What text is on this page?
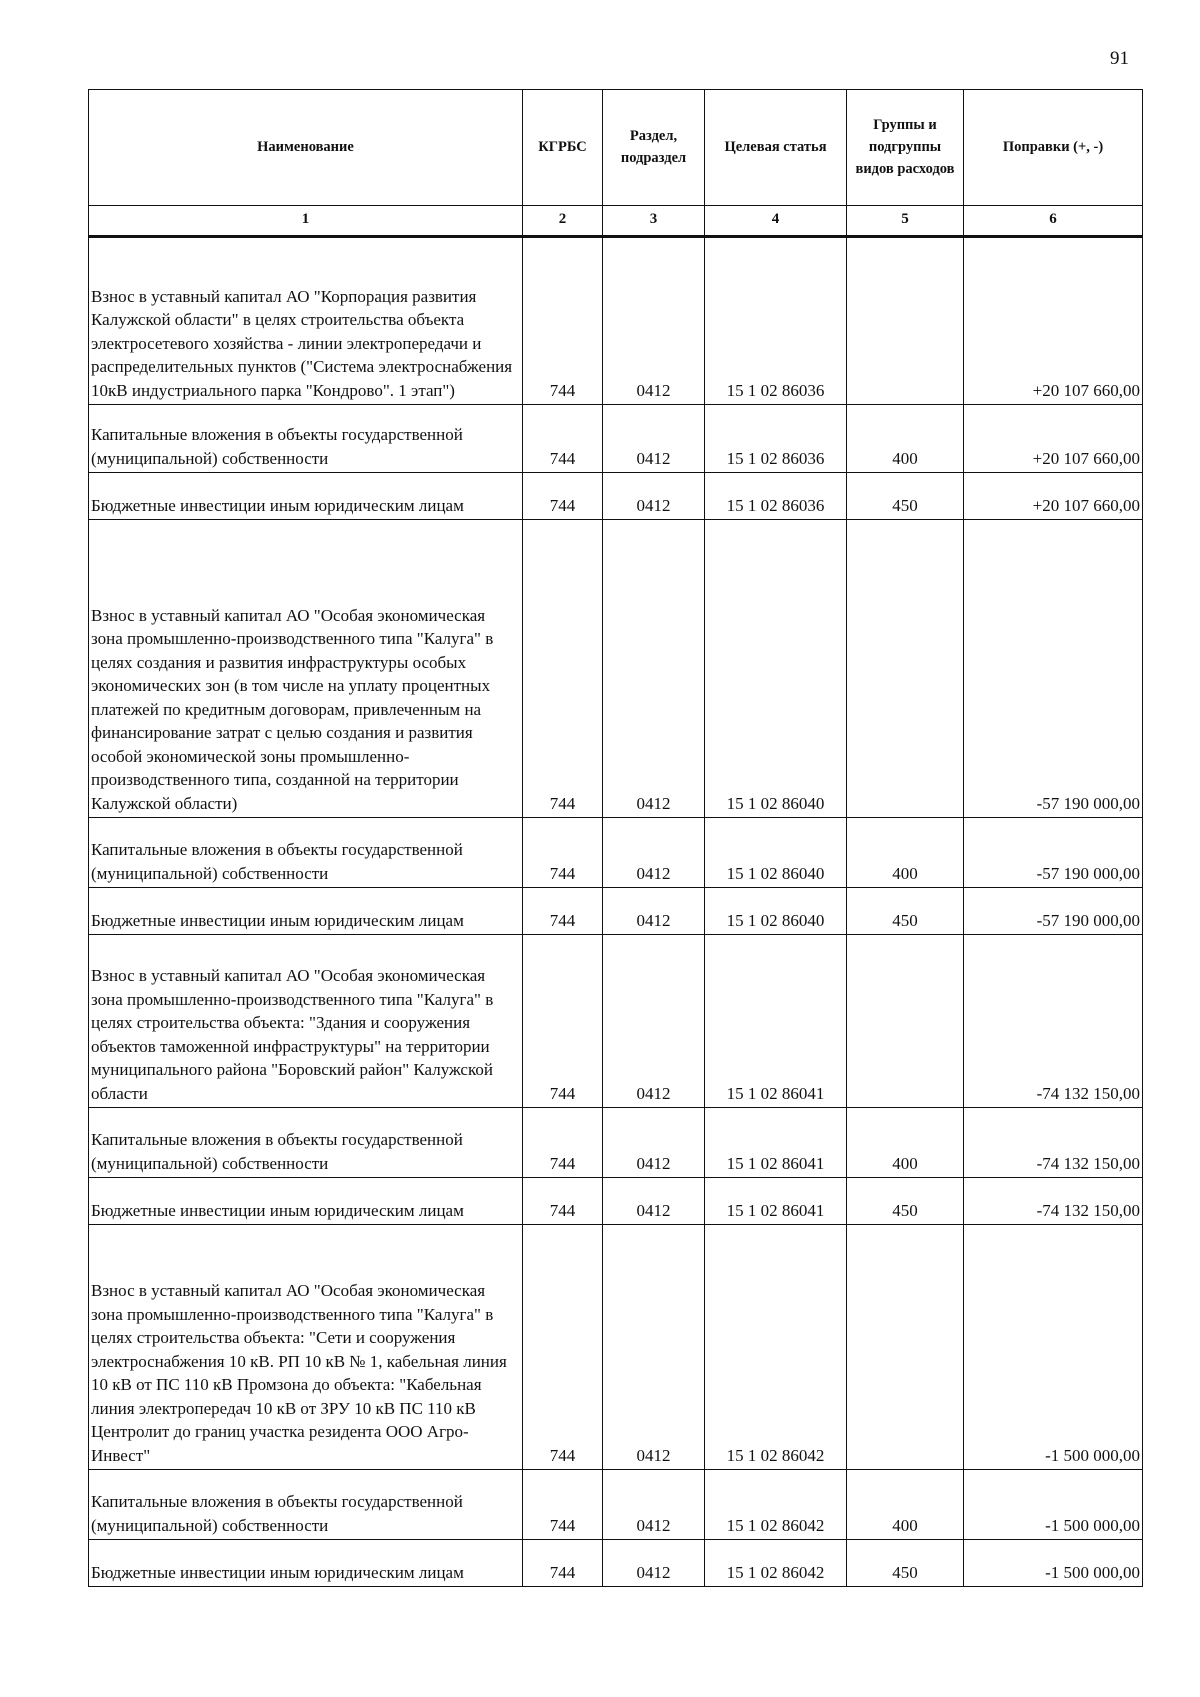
91
Наименование	КГРБС	Раздел, подраздел	Целевая статья	Группы и подгруппы видов расходов	Поправки (+, -)
1	2	3	4	5	6
Взнос в уставный капитал АО "Корпорация развития Калужской области" в целях строительства объекта электросетевого хозяйства - линии электропередачи и распределительных пунктов ("Система электроснабжения 10кВ индустриального парка "Кондрово". 1 этап")	744	0412	15 1 02 86036		+20 107 660,00
Капитальные вложения в объекты государственной (муниципальной) собственности	744	0412	15 1 02 86036	400	+20 107 660,00
Бюджетные инвестиции иным юридическим лицам	744	0412	15 1 02 86036	450	+20 107 660,00
Взнос в уставный капитал АО "Особая экономическая зона промышленно-производственного типа "Калуга" в целях создания и развития инфраструктуры особых экономических зон (в том числе на уплату процентных платежей по кредитным договорам, привлеченным на финансирование затрат с целью создания и развития особой экономической зоны промышленно-производственного типа, созданной на территории Калужской области)	744	0412	15 1 02 86040		-57 190 000,00
Капитальные вложения в объекты государственной (муниципальной) собственности	744	0412	15 1 02 86040	400	-57 190 000,00
Бюджетные инвестиции иным юридическим лицам	744	0412	15 1 02 86040	450	-57 190 000,00
Взнос в уставный капитал АО "Особая экономическая зона промышленно-производственного типа "Калуга" в целях строительства объекта: "Здания и сооружения объектов таможенной инфраструктуры" на территории муниципального района "Боровский район" Калужской области	744	0412	15 1 02 86041		-74 132 150,00
Капитальные вложения в объекты государственной (муниципальной) собственности	744	0412	15 1 02 86041	400	-74 132 150,00
Бюджетные инвестиции иным юридическим лицам	744	0412	15 1 02 86041	450	-74 132 150,00
Взнос в уставный капитал АО "Особая экономическая зона промышленно-производственного типа "Калуга" в целях строительства объекта: "Сети и сооружения электроснабжения 10 кВ. РП 10 кВ № 1, кабельная линия 10 кВ от ПС 110 кВ Промзона до объекта: "Кабельная линия электропередач 10 кВ от ЗРУ 10 кВ ПС 110 кВ Центролит до границ участка резидента ООО Агро-Инвест"	744	0412	15 1 02 86042		-1 500 000,00
Капитальные вложения в объекты государственной (муниципальной) собственности	744	0412	15 1 02 86042	400	-1 500 000,00
Бюджетные инвестиции иным юридическим лицам	744	0412	15 1 02 86042	450	-1 500 000,00
